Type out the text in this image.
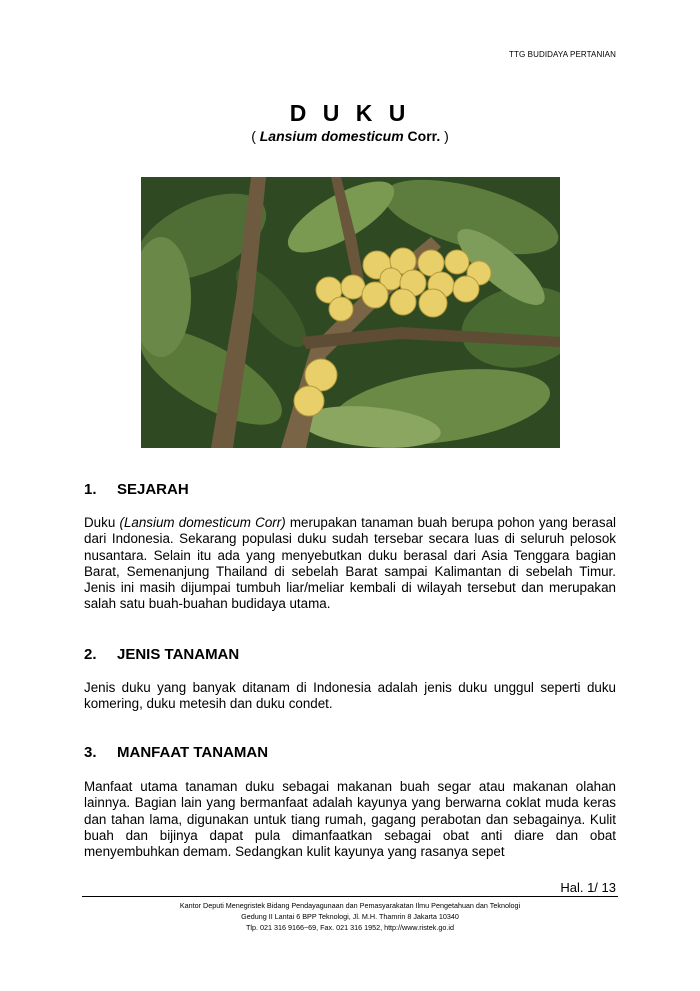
TTG BUDIDAYA PERTANIAN
D U K U
( Lansium domesticum Corr. )
1. SEJARAH
Duku (Lansium domesticum Corr) merupakan tanaman buah berupa pohon yang berasal dari Indonesia. Sekarang populasi duku sudah tersebar secara luas di seluruh pelosok nusantara. Selain itu ada yang menyebutkan duku berasal dari Asia Tenggara bagian Barat, Semenanjung Thailand di sebelah Barat sampai Kalimantan di sebelah Timur. Jenis ini masih dijumpai tumbuh liar/meliar kembali di wilayah tersebut dan merupakan salah satu buah-buahan budidaya utama.
2. JENIS TANAMAN
Jenis duku yang banyak ditanam di Indonesia adalah jenis duku unggul seperti duku komering, duku metesih dan duku condet.
3. MANFAAT TANAMAN
Manfaat utama tanaman duku sebagai makanan buah segar atau makanan olahan lainnya. Bagian lain yang bermanfaat adalah kayunya yang berwarna coklat muda keras dan tahan lama, digunakan untuk tiang rumah, gagang perabotan dan sebagainya. Kulit buah dan bijinya dapat pula dimanfaatkan sebagai obat anti diare dan obat menyembuhkan demam. Sedangkan kulit kayunya yang rasanya sepet
Hal. 1/ 13
Kantor Deputi Menegristek Bidang Pendayagunaan dan Pemasyarakatan Ilmu Pengetahuan dan Teknologi
Gedung II Lantai 6 BPP Teknologi, Jl. M.H. Thamrin 8 Jakarta 10340
Tlp. 021 316 9166~69, Fax. 021 316 1952, http://www.ristek.go.id
